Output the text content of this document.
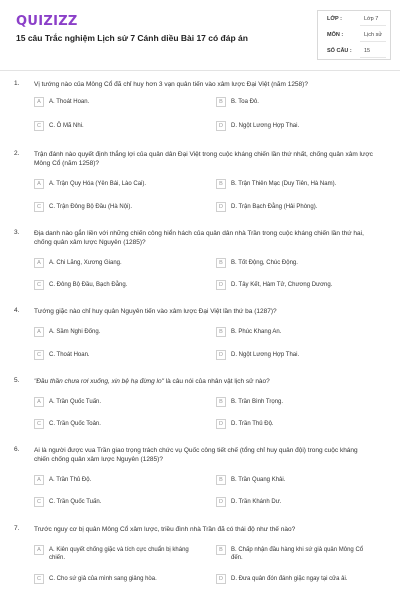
QUIZIZZ
15 câu Trắc nghiệm Lịch sử 7 Cánh diều Bài 17 có đáp án
LỚP :	Lớp 7
MÔN :	Lịch sử
SỐ CÂU : 15
1. Vị tướng nào của Mông Cổ đã chỉ huy hơn 3 vạn quân tiến vào xâm lược Đại Việt (năm 1258)?
A	A. Thoát Hoan.	B	B. Toa Đô.
C	C. Ô Mã Nhi.	D	D. Ngột Lương Hợp Thai.
2. Trận đánh nào quyết định thắng lợi của quân dân Đại Việt trong cuộc kháng chiến lần thứ nhất, chống quân xâm lược Mông Cổ (năm 1258)?
A	A. Trận Quy Hóa (Yên Bái, Lào Cai).	B	B. Trận Thiên Mạc (Duy Tiên, Hà Nam).
C	C. Trận Đông Bộ Đầu (Hà Nội).	D	D. Trận Bạch Đằng (Hải Phòng).
3. Địa danh nào gắn liền với những chiến công hiển hách của quân dân nhà Trần trong cuộc kháng chiến lần thứ hai, chống quân xâm lược Nguyên (1285)?
A	A. Chi Lăng, Xương Giang.	B	B. Tốt Động, Chúc Động.
C	C. Đông Bộ Đầu, Bạch Đằng.	D	D. Tây Kết, Hàm Tử, Chương Dương.
4. Tướng giặc nào chỉ huy quân Nguyên tiến vào xâm lược Đại Việt lần thứ ba (1287)?
A	A. Sầm Nghi Đống.	B	B. Phúc Khang An.
C	C. Thoát Hoan.	D	D. Ngột Lương Hợp Thai.
5. "Đầu thần chưa rơi xuống, xin bệ hạ đừng lo" là câu nói của nhân vật lịch sử nào?
A	A. Trần Quốc Tuấn.	B	B. Trần Bình Trọng.
C	C. Trần Quốc Toản.	D	D. Trần Thủ Độ.
6. Ai là người được vua Trần giao trọng trách chức vụ Quốc công tiết chế (tổng chỉ huy quân đội) trong cuộc kháng chiến chống quân xâm lược Nguyên (1285)?
A	A. Trần Thủ Độ.	B	B. Trần Quang Khải.
C	C. Trần Quốc Tuấn.	D	D. Trần Khánh Dư.
7. Trước nguy cơ bị quân Mông Cổ xâm lược, triều đình nhà Trần đã có thái độ như thế nào?
A	A. Kiên quyết chống giặc và tích cực chuẩn bị kháng chiến.
B	B. Chấp nhận đầu hàng khi sứ giả quân Mông Cổ đến.
C	C. Cho sứ giả của mình sang giảng hòa.	D	D. Đưa quân đón đánh giặc ngay tại cửa ải.
